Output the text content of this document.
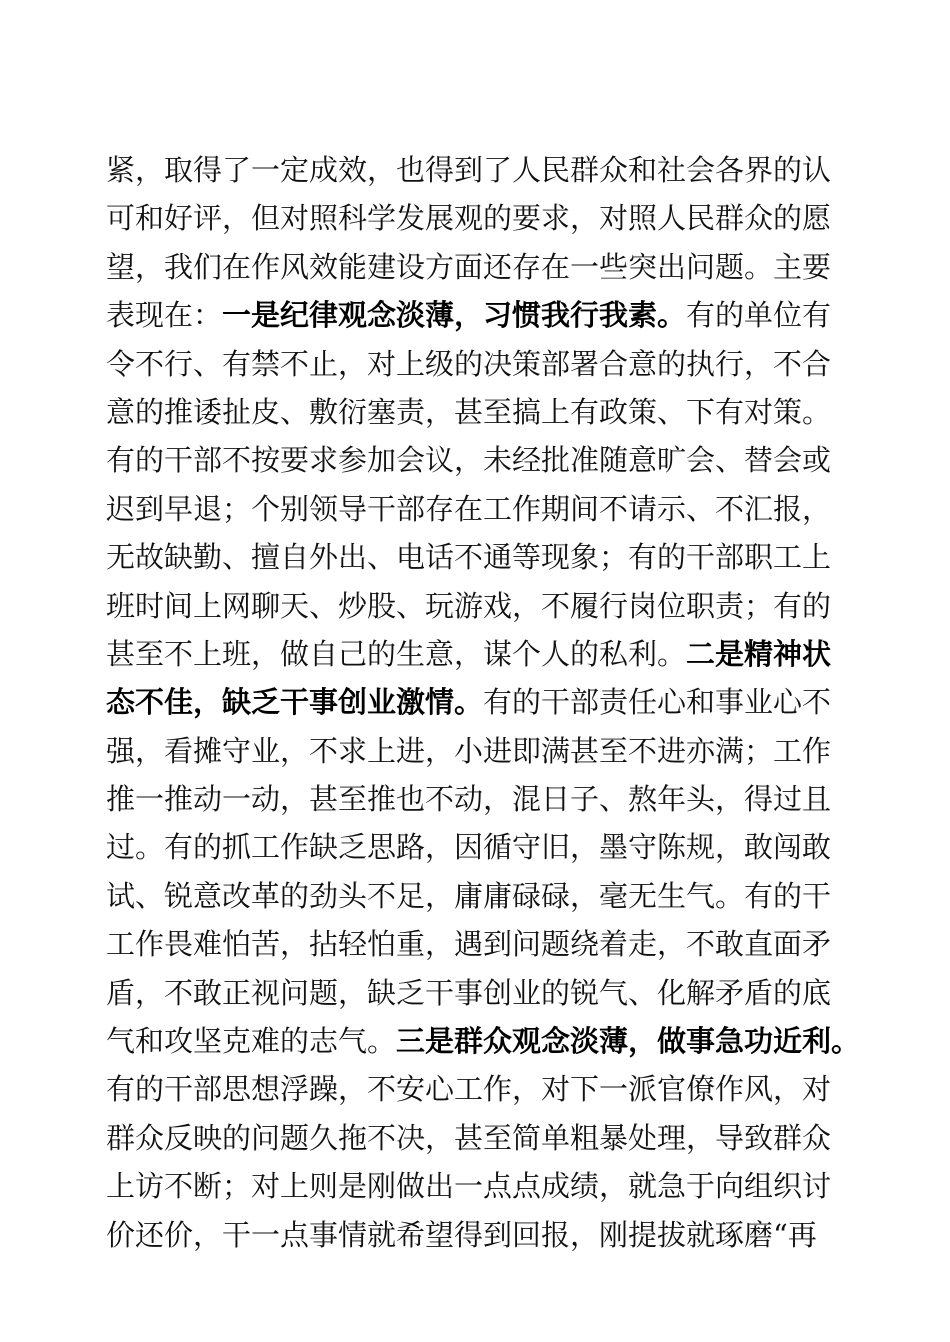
紧，取得了一定成效，也得到了人民群众和社会各界的认
可和好评，但对照科学发展观的要求，对照人民群众的愿
望，我们在作风效能建设方面还存在一些突出问题。主要
表现在：一是纪律观念淡薄，习惯我行我素。有的单位有
令不行、有禁不止，对上级的决策部署合意的执行，不合
意的推诿扯皮、敷衍塞责，甚至搞上有政策、下有对策。
有的干部不按要求参加会议，未经批准随意旷会、替会或
迟到早退；个别领导干部存在工作期间不请示、不汇报，
无故缺勤、擅自外出、电话不通等现象；有的干部职工上
班时间上网聊天、炒股、玩游戏，不履行岗位职责；有的
甚至不上班，做自己的生意，谋个人的私利。二是精神状
态不佳，缺乏干事创业激情。有的干部责任心和事业心不
强，看摊守业，不求上进，小进即满甚至不进亦满；工作
推一推动一动，甚至推也不动，混日子、熬年头，得过且
过。有的抓工作缺乏思路，因循守旧，墨守陈规，敢闯敢
试、锐意改革的劲头不足，庸庸碌碌，毫无生气。有的干
工作畏难怕苦，拈轻怕重，遇到问题绕着走，不敢直面矛
盾，不敢正视问题，缺乏干事创业的锐气、化解矛盾的底
气和攻坚克难的志气。三是群众观念淡薄，做事急功近利。
有的干部思想浮躁，不安心工作，对下一派官僚作风，对
群众反映的问题久拖不决，甚至简单粗暴处理，导致群众
上访不断；对上则是刚做出一点点成绩，就急于向组织讨
价还价，干一点事情就希望得到回报，刚提拔就琢磨“再
